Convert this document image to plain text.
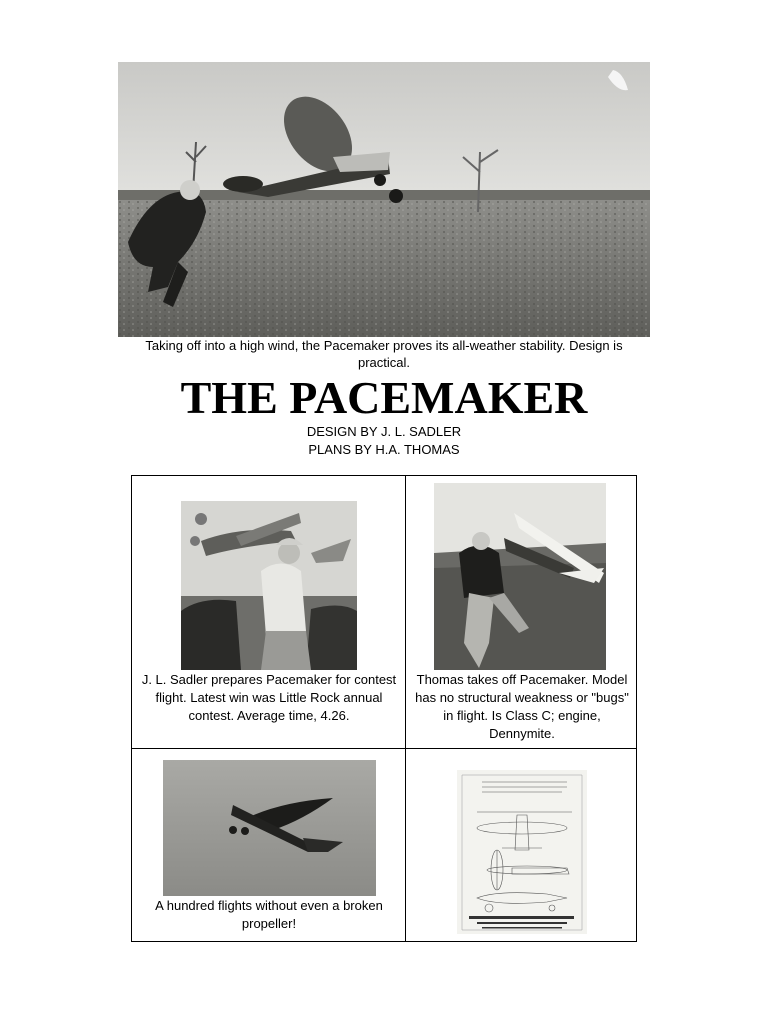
Taking off into a high wind, the Pacemaker proves its all-weather stability. Design is practical.
THE PACEMAKER
DESIGN BY J. L. SADLER
PLANS BY H.A. THOMAS
J. L. Sadler prepares Pacemaker for contest flight. Latest win was Little Rock annual contest. Average time, 4.26.
Thomas takes off Pacemaker. Model has no structural weakness or "bugs" in flight. Is Class C; engine, Dennymite.
A hundred flights without even a broken propeller!
